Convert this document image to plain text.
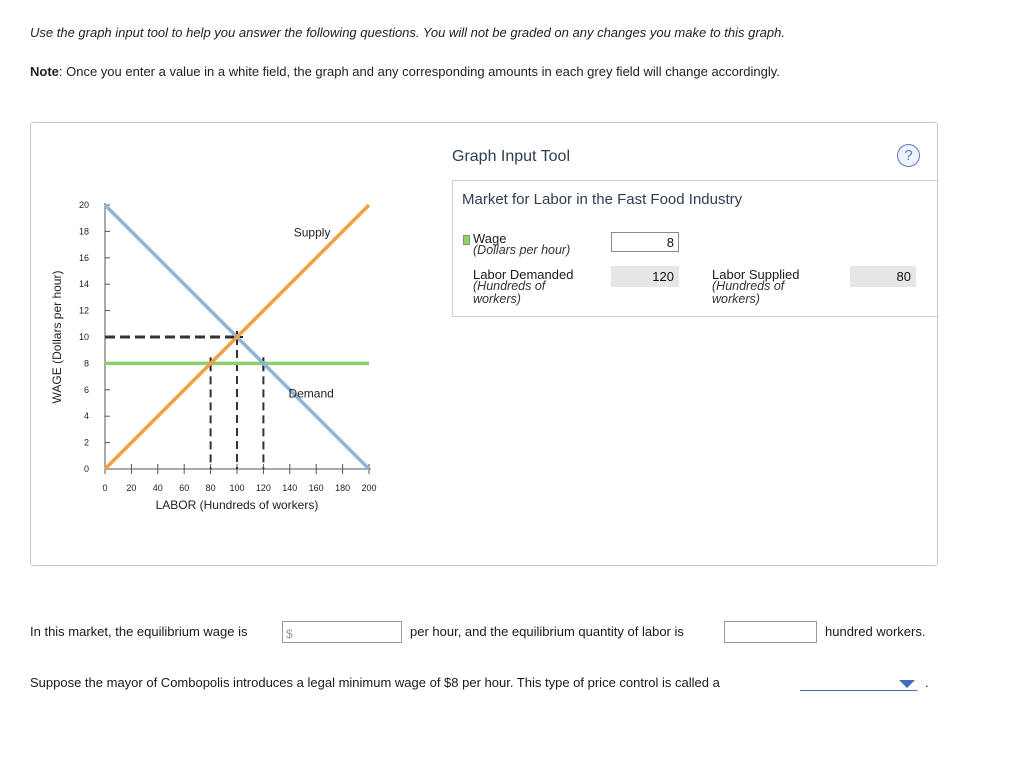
Use the graph input tool to help you answer the following questions. You will not be graded on any changes you make to this graph.
Note: Once you enter a value in a white field, the graph and any corresponding amounts in each grey field will change accordingly.
0
2
4
6
8
10
12
14
16
18
20
0 20 40 60 80 100 120 140 160 180 200
WAGE (Dollars per hour)
LABOR (Hundreds of workers)
Supply
Demand
Graph Input Tool	?
Market for Labor in the Fast Food Industry
Wage
(Dollars per hour)
8
Labor Demanded
(Hundreds of workers)
120	Labor Supplied
(Hundreds of workers)
80
In this market, the equilibrium wage is	$	per hour, and the equilibrium quantity of labor is	hundred workers.
Suppose the mayor of Combopolis introduces a legal minimum wage of $8 per hour. This type of price control is called a	.
